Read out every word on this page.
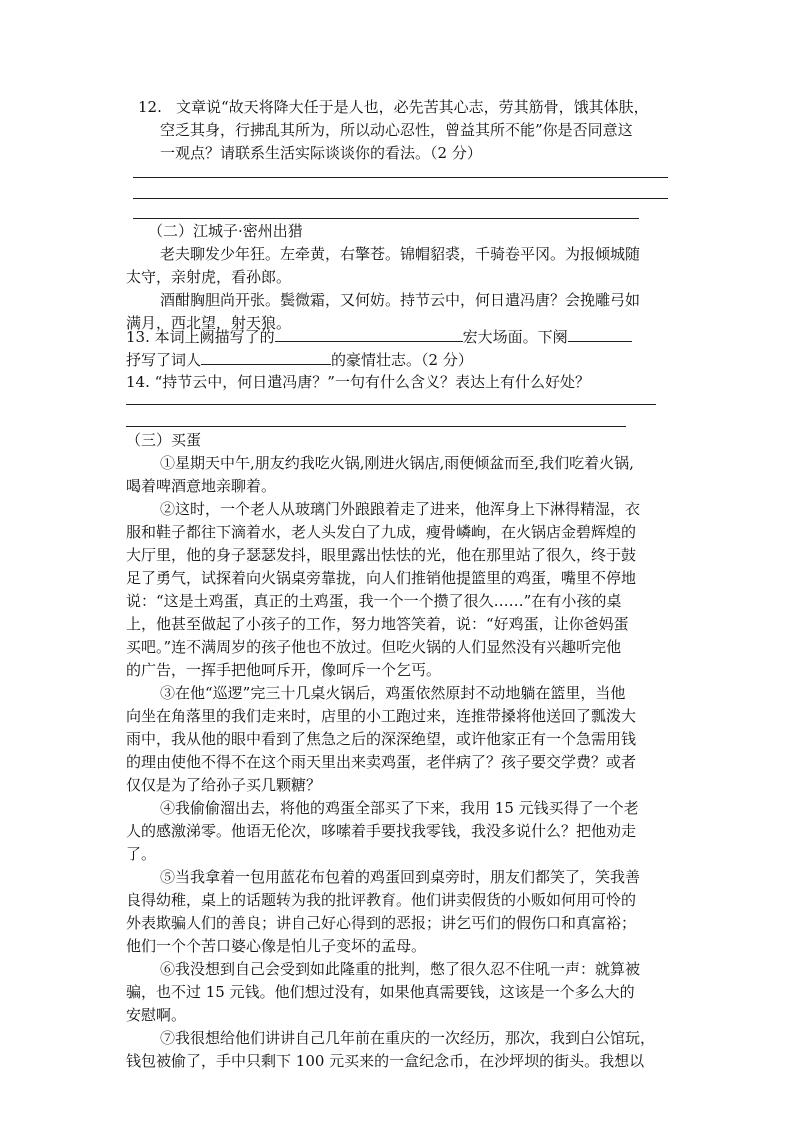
12. 文章说“故天将降大任于是人也，必先苦其心志，劳其筋骨，饿其体肤，
空乏其身，行拂乱其所为，所以动心忍性，曾益其所不能”你是否同意这
一观点？请联系生活实际谈谈你的看法。（2 分）
（二）江城子·密州出猎
老夫聊发少年狂。左牵黄，右擎苍。锦帽貂裘，千骑卷平冈。为报倾城随
太守，亲射虎，看孙郎。
酒酣胸胆尚开张。鬓微霜，又何妨。持节云中，何日遣冯唐？会挽雕弓如
满月，西北望，射天狼。
13. 本词上阙描写了的	宏大场面。下阕
抒写了词人	的豪情壮志。（2 分）
14. “持节云中，何日遣冯唐？”一句有什么含义？表达上有什么好处？
（三）买蛋
①星期天中午,朋友约我吃火锅,刚进火锅店,雨便倾盆而至,我们吃着火锅,
喝着啤酒意地亲聊着。
②这时，一个老人从玻璃门外踉踉着走了进来，他浑身上下淋得精湿，衣
服和鞋子都往下滴着水，老人头发白了九成，瘦骨嶙峋，在火锅店金碧辉煌的
大厅里，他的身子瑟瑟发抖，眼里露出怯怯的光，他在那里站了很久，终于鼓
足了勇气，试探着向火锅桌旁靠拢，向人们推销他提篮里的鸡蛋，嘴里不停地
说：“这是土鸡蛋，真正的土鸡蛋，我一个一个攒了很久……”在有小孩的桌
上，他甚至做起了小孩子的工作，努力地答笑着，说：“好鸡蛋，让你爸妈蛋
买吧。”连不满周岁的孩子他也不放过。但吃火锅的人们显然没有兴趣听完他
的广告，一挥手把他呵斥开，像呵斥一个乞丐。
③在他“巡逻”完三十几桌火锅后，鸡蛋依然原封不动地躺在篮里，当他
向坐在角落里的我们走来时，店里的小工跑过来，连推带搡将他送回了瓢泼大
雨中，我从他的眼中看到了焦急之后的深深绝望，或许他家正有一个急需用钱
的理由使他不得不在这个雨天里出来卖鸡蛋，老伴病了？孩子要交学费？或者
仅仅是为了给孙子买几颗糖？
④我偷偷溜出去，将他的鸡蛋全部买了下来，我用 15 元钱买得了一个老
人的感激涕零。他语无伦次，哆嗦着手要找我零钱，我没多说什么？把他劝走
了。
⑤当我拿着一包用蓝花布包着的鸡蛋回到桌旁时，朋友们都笑了，笑我善
良得幼稚，桌上的话题转为我的批评教育。他们讲卖假货的小贩如何用可怜的
外表欺骗人们的善良；讲自己好心得到的恶报；讲乞丐们的假伤口和真富裕；
他们一个个苦口婆心像是怕儿子变坏的孟母。
⑥我没想到自己会受到如此隆重的批判，憋了很久忍不住吼一声：就算被
骗，也不过 15 元钱。他们想过没有，如果他真需要钱，这该是一个多么大的
安慰啊。
⑦我很想给他们讲讲自己几年前在重庆的一次经历，那次，我到白公馆玩，
钱包被偷了，手中只剩下 100 元买来的一盒纪念币，在沙坪坝的街头。我想以
